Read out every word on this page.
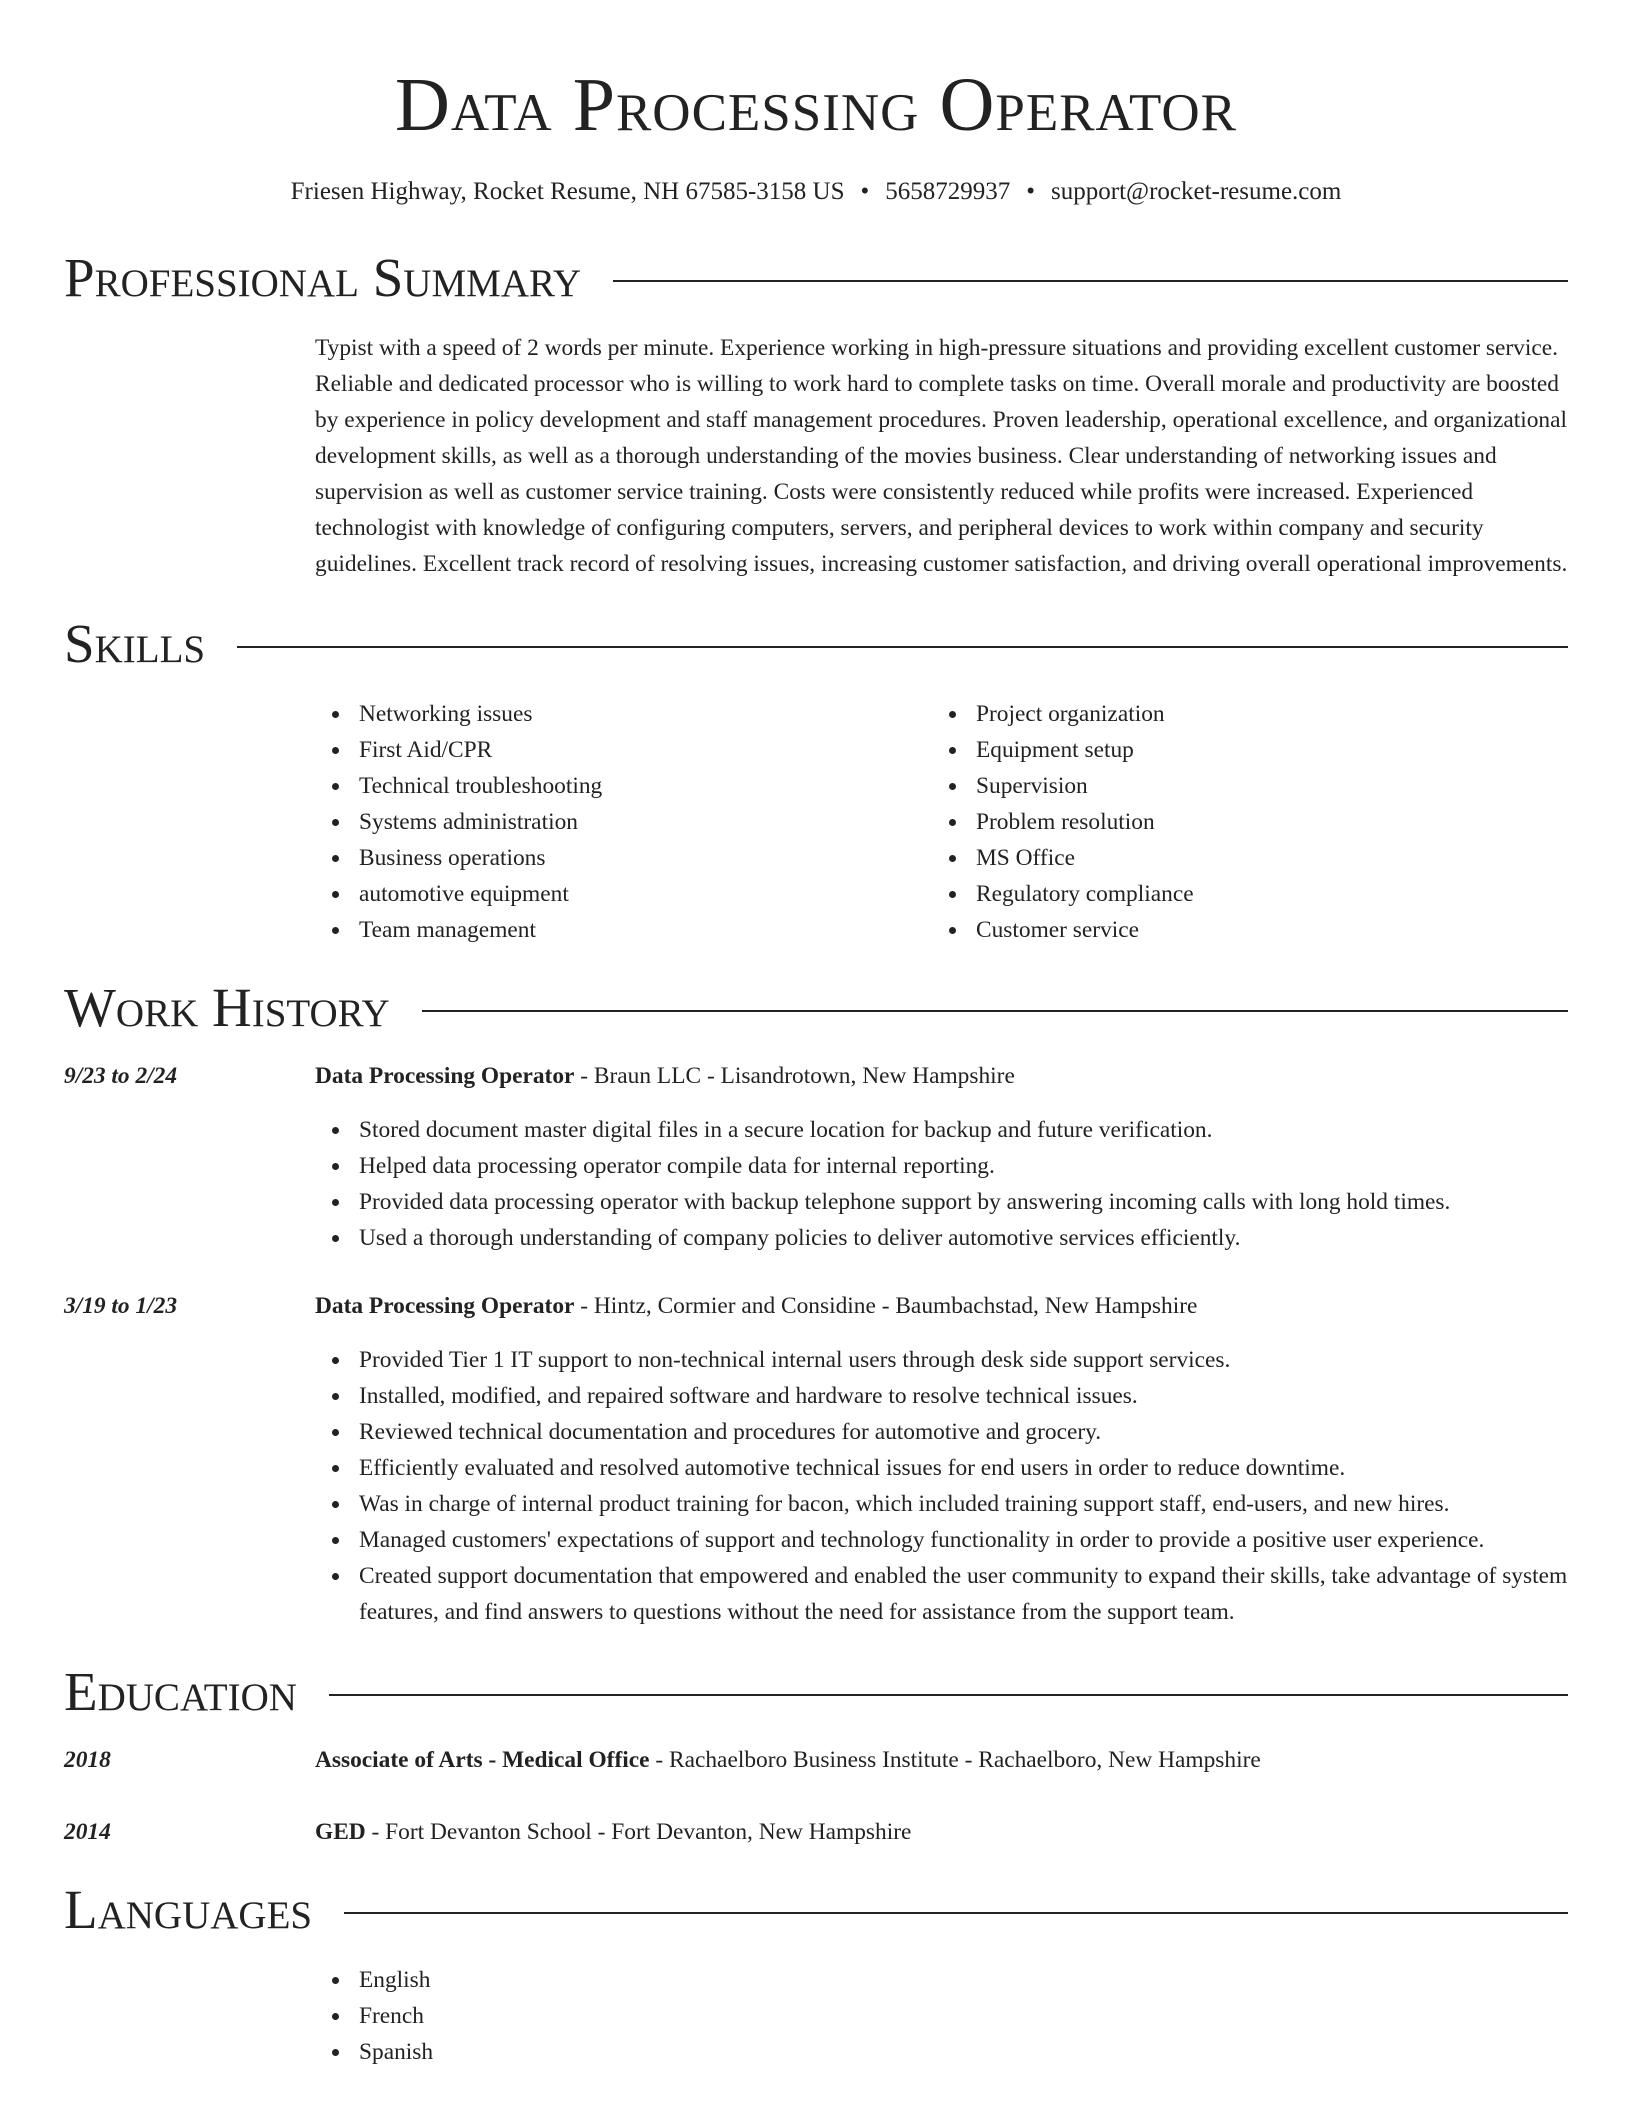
Data Processing Operator
Friesen Highway, Rocket Resume, NH 67585-3158 US • 5658729937 • support@rocket-resume.com
Professional Summary
Typist with a speed of 2 words per minute. Experience working in high-pressure situations and providing excellent customer service. Reliable and dedicated processor who is willing to work hard to complete tasks on time. Overall morale and productivity are boosted by experience in policy development and staff management procedures. Proven leadership, operational excellence, and organizational development skills, as well as a thorough understanding of the movies business. Clear understanding of networking issues and supervision as well as customer service training. Costs were consistently reduced while profits were increased. Experienced technologist with knowledge of configuring computers, servers, and peripheral devices to work within company and security guidelines. Excellent track record of resolving issues, increasing customer satisfaction, and driving overall operational improvements.
Skills
Networking issues
First Aid/CPR
Technical troubleshooting
Systems administration
Business operations
automotive equipment
Team management
Project organization
Equipment setup
Supervision
Problem resolution
MS Office
Regulatory compliance
Customer service
Work History
9/23 to 2/24	Data Processing Operator - Braun LLC - Lisandrotown, New Hampshire
Stored document master digital files in a secure location for backup and future verification.
Helped data processing operator compile data for internal reporting.
Provided data processing operator with backup telephone support by answering incoming calls with long hold times.
Used a thorough understanding of company policies to deliver automotive services efficiently.
3/19 to 1/23	Data Processing Operator - Hintz, Cormier and Considine - Baumbachstad, New Hampshire
Provided Tier 1 IT support to non-technical internal users through desk side support services.
Installed, modified, and repaired software and hardware to resolve technical issues.
Reviewed technical documentation and procedures for automotive and grocery.
Efficiently evaluated and resolved automotive technical issues for end users in order to reduce downtime.
Was in charge of internal product training for bacon, which included training support staff, end-users, and new hires.
Managed customers' expectations of support and technology functionality in order to provide a positive user experience.
Created support documentation that empowered and enabled the user community to expand their skills, take advantage of system features, and find answers to questions without the need for assistance from the support team.
Education
2018	Associate of Arts - Medical Office - Rachaelboro Business Institute - Rachaelboro, New Hampshire
2014	GED - Fort Devanton School - Fort Devanton, New Hampshire
Languages
English
French
Spanish
